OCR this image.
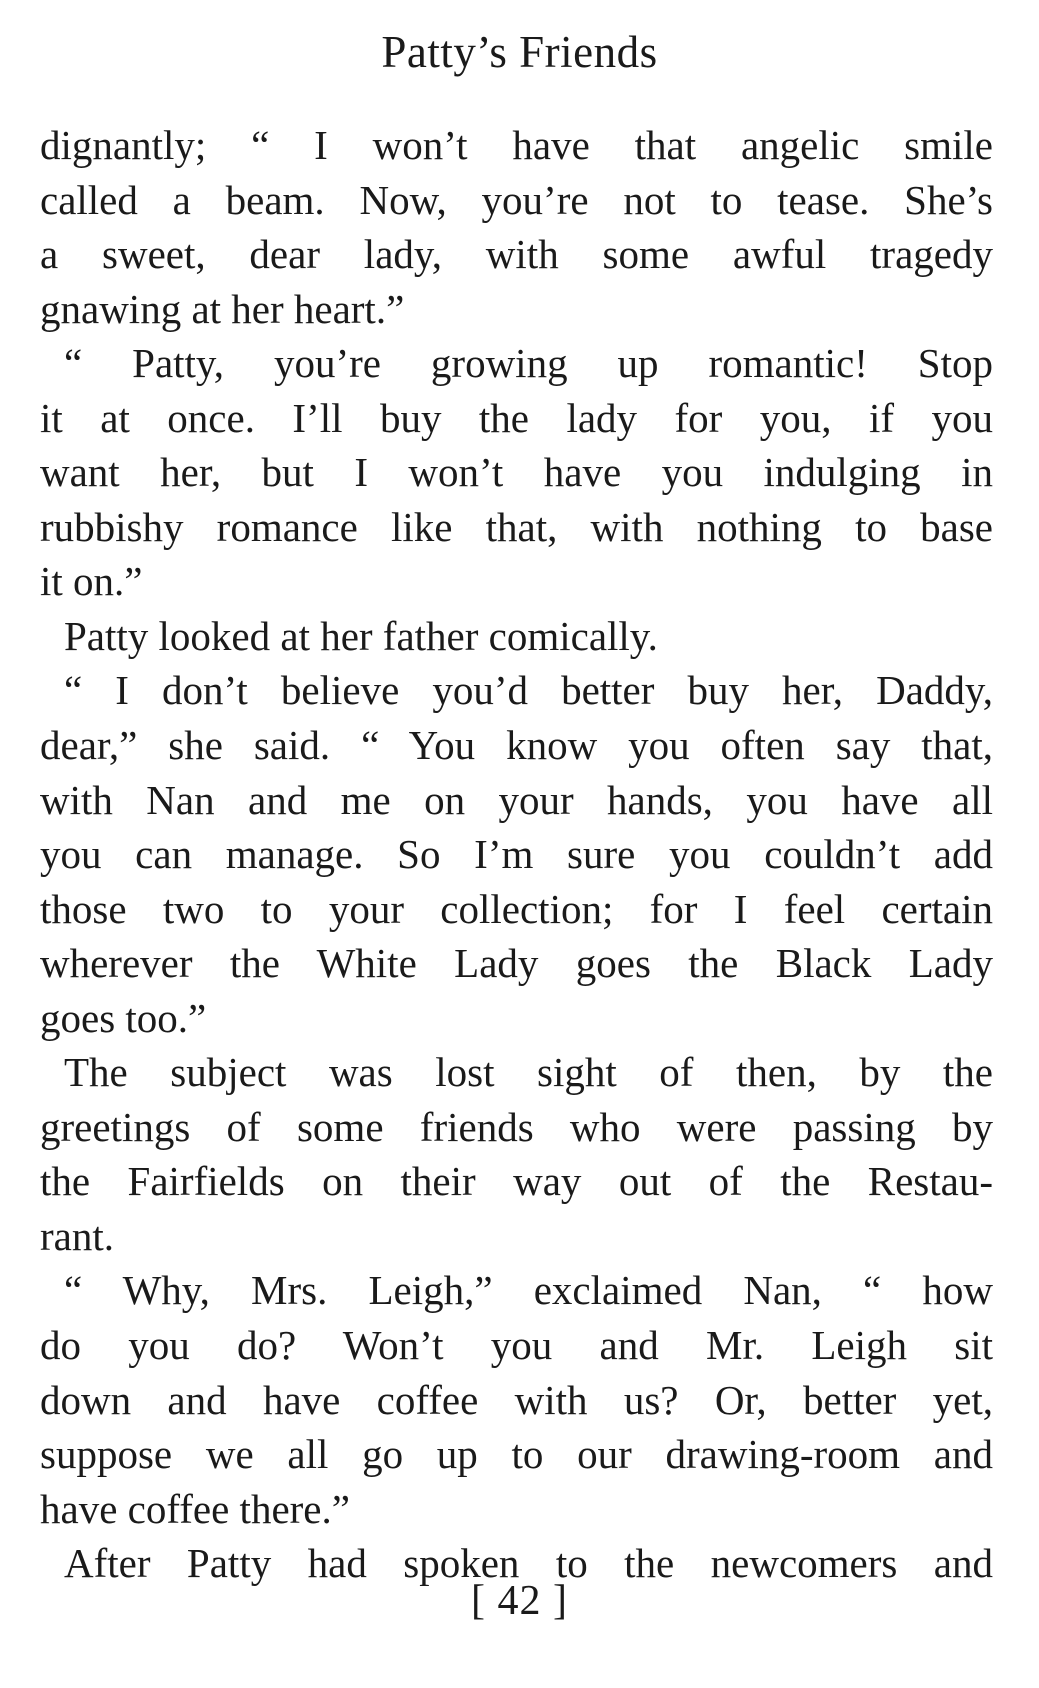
Patty’s Friends
dignantly; “ I won’t have that angelic smile
called a beam. Now, you’re not to tease. She’s
a sweet, dear lady, with some awful tragedy
gnawing at her heart.”
“ Patty, you’re growing up romantic! Stop
it at once. I’ll buy the lady for you, if you
want her, but I won’t have you indulging in
rubbishy romance like that, with nothing to base
it on.”
Patty looked at her father comically.
“ I don’t believe you’d better buy her, Daddy,
dear,” she said. “ You know you often say that,
with Nan and me on your hands, you have all
you can manage. So I’m sure you couldn’t add
those two to your collection; for I feel certain
wherever the White Lady goes the Black Lady
goes too.”
The subject was lost sight of then, by the
greetings of some friends who were passing by
the Fairfields on their way out of the Restau-
rant.
“ Why, Mrs. Leigh,” exclaimed Nan, “ how
do you do? Won’t you and Mr. Leigh sit
down and have coffee with us? Or, better yet,
suppose we all go up to our drawing-room and
have coffee there.”
After Patty had spoken to the newcomers and
[ 42 ]
